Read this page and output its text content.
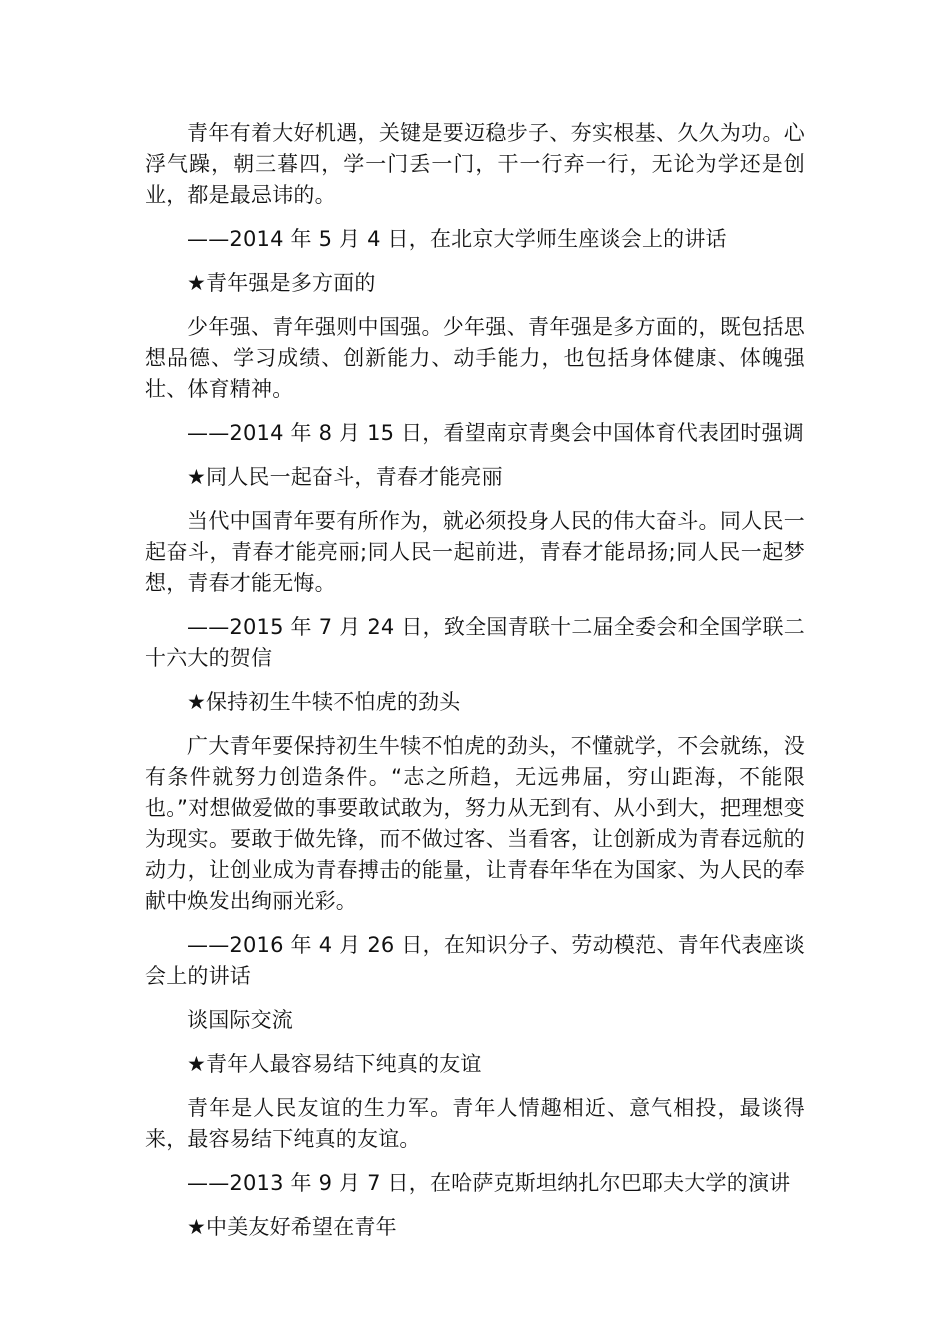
青年有着大好机遇，关键是要迈稳步子、夯实根基、久久为功。心浮气躁，朝三暮四，学一门丢一门，干一行弃一行，无论为学还是创业，都是最忌讳的。

——2014 年 5 月 4 日，在北京大学师生座谈会上的讲话

★青年强是多方面的

少年强、青年强则中国强。少年强、青年强是多方面的，既包括思想品德、学习成绩、创新能力、动手能力，也包括身体健康、体魄强壮、体育精神。

——2014 年 8 月 15 日，看望南京青奥会中国体育代表团时强调

★同人民一起奋斗，青春才能亮丽

当代中国青年要有所作为，就必须投身人民的伟大奋斗。同人民一起奋斗，青春才能亮丽;同人民一起前进，青春才能昂扬;同人民一起梦想，青春才能无悔。

——2015 年 7 月 24 日，致全国青联十二届全委会和全国学联二十六大的贺信

★保持初生牛犊不怕虎的劲头

广大青年要保持初生牛犊不怕虎的劲头，不懂就学，不会就练，没有条件就努力创造条件。“志之所趋，无远弗届，穷山距海，不能限也。”对想做爱做的事要敢试敢为，努力从无到有、从小到大，把理想变为现实。要敢于做先锋，而不做过客、当看客，让创新成为青春远航的动力，让创业成为青春搏击的能量，让青春年华在为国家、为人民的奉献中焕发出绚丽光彩。

——2016 年 4 月 26 日，在知识分子、劳动模范、青年代表座谈会上的讲话

谈国际交流

★青年人最容易结下纯真的友谊

青年是人民友谊的生力军。青年人情趣相近、意气相投，最谈得来，最容易结下纯真的友谊。

——2013 年 9 月 7 日，在哈萨克斯坦纳扎尔巴耶夫大学的演讲

★中美友好希望在青年
